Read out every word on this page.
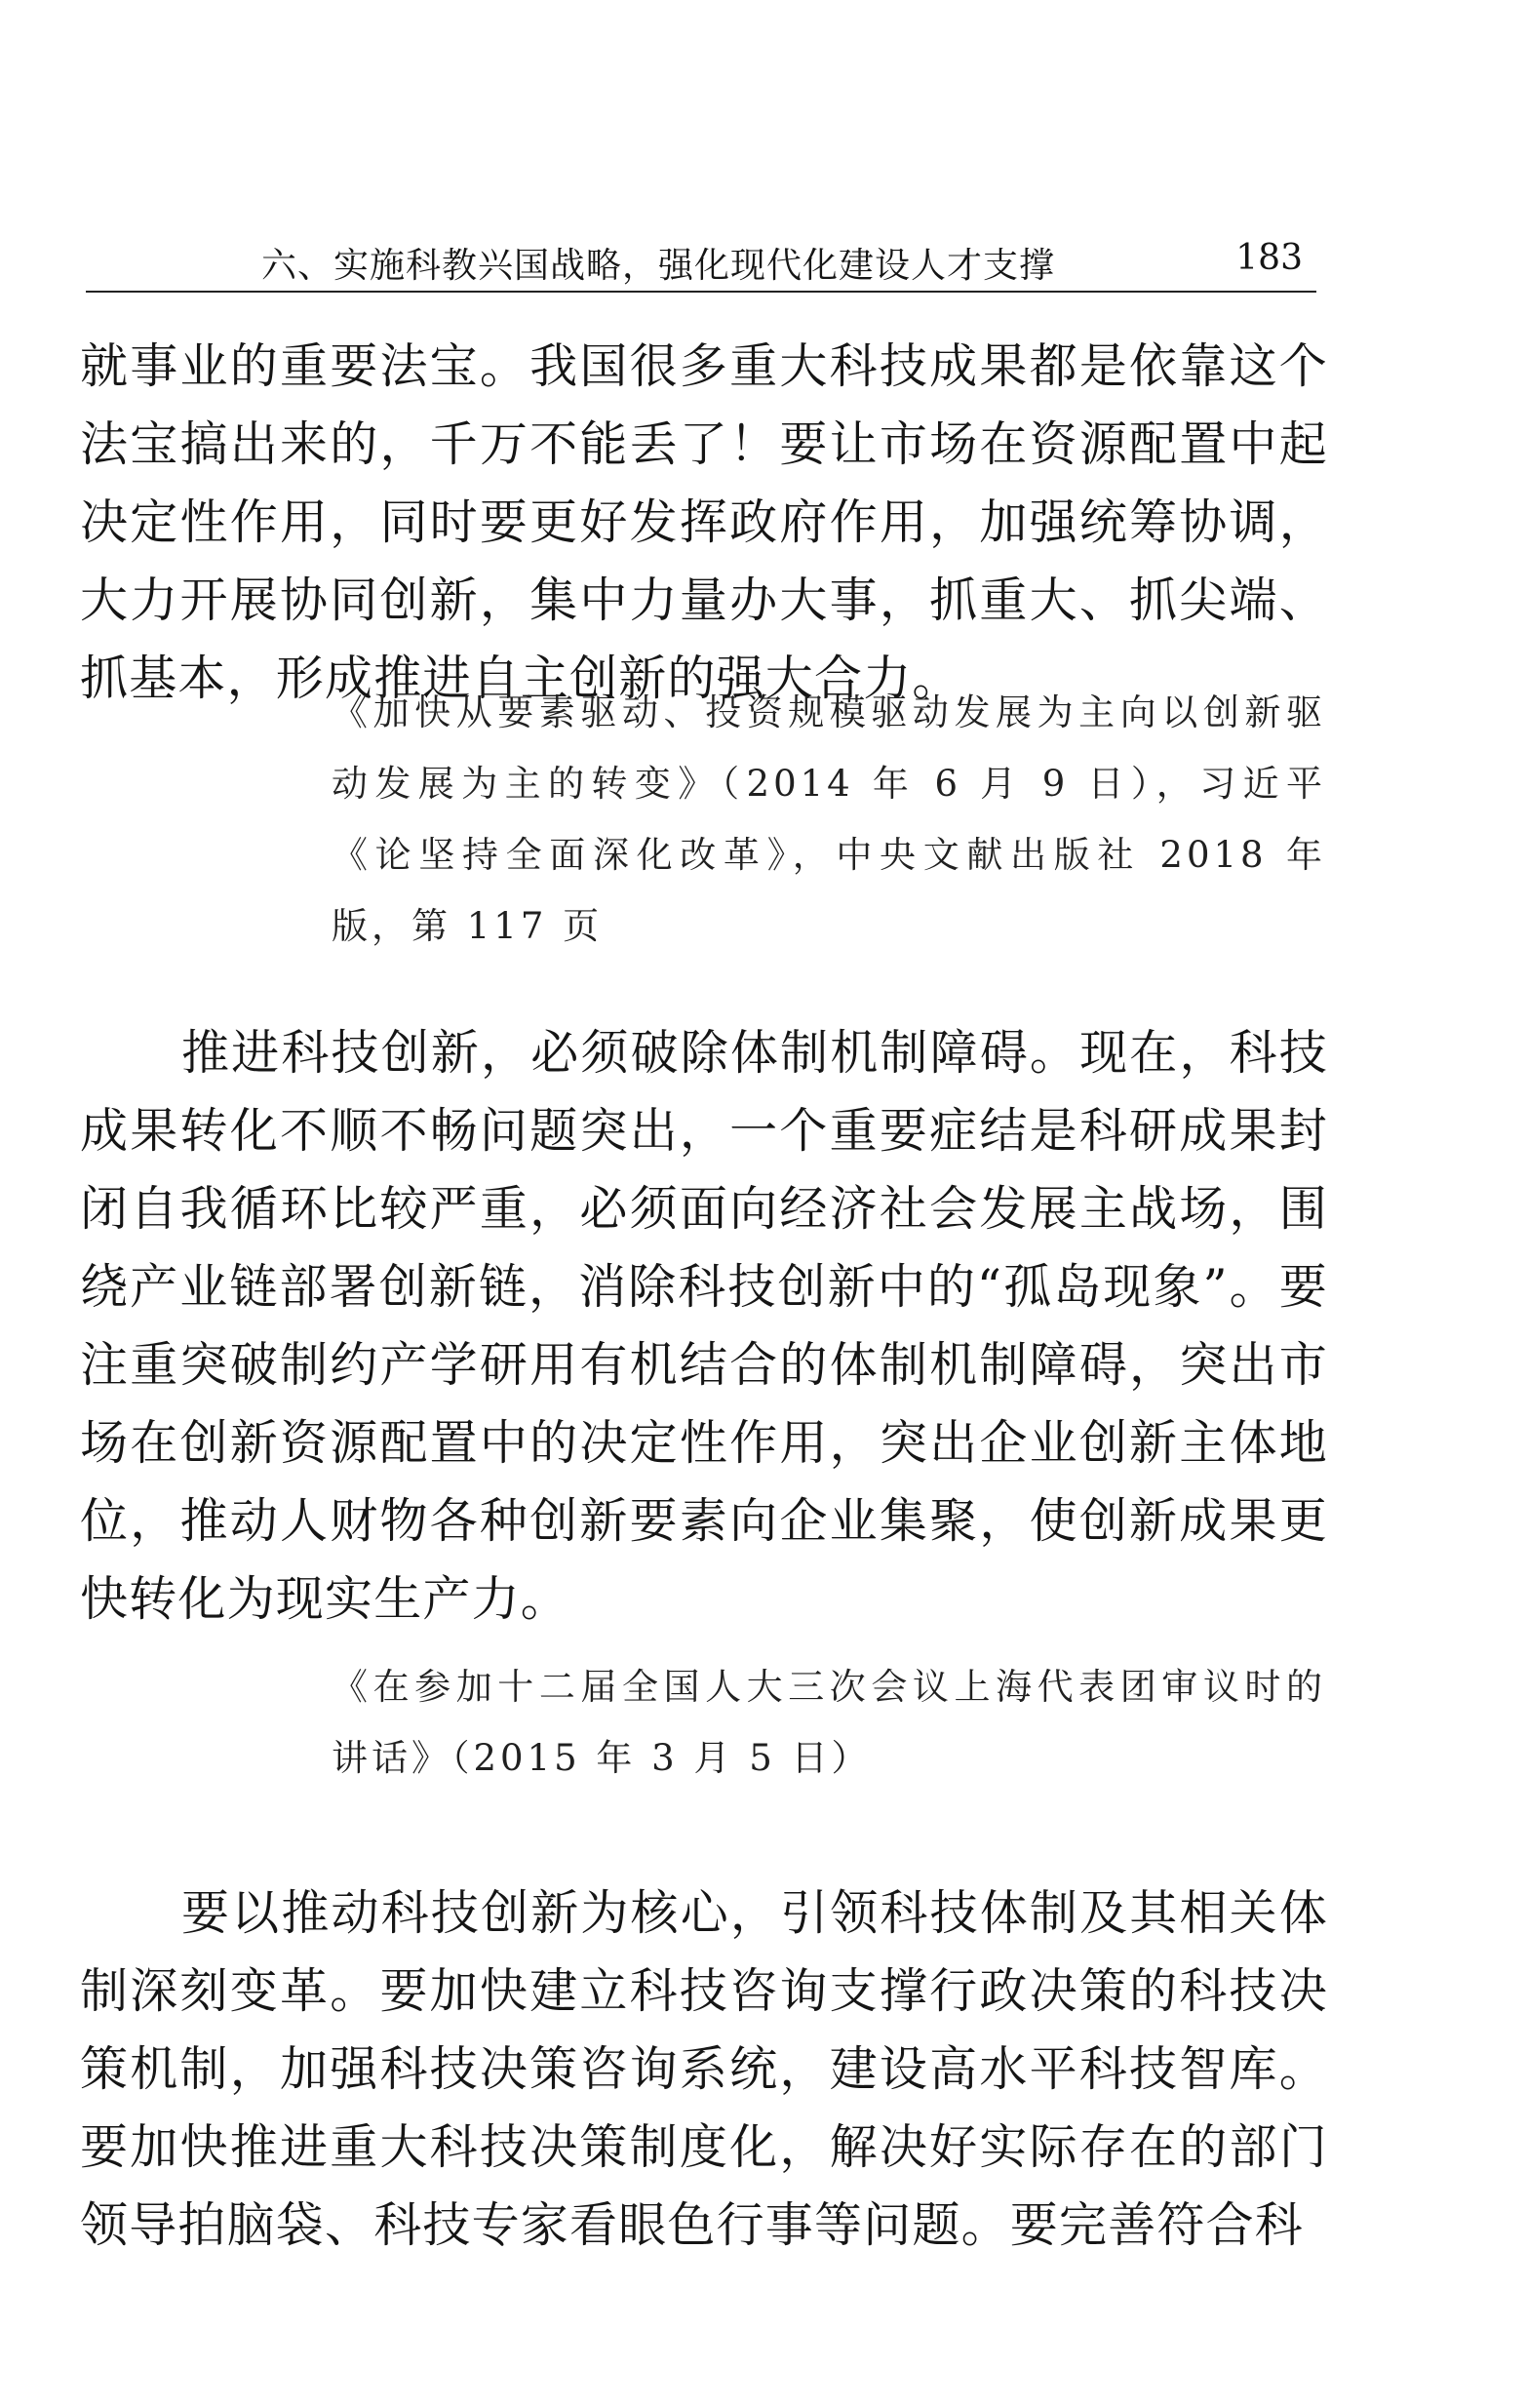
六、实施科教兴国战略，强化现代化建设人才支撑	183

就事业的重要法宝。我国很多重大科技成果都是依靠这个法宝搞出来的，千万不能丢了！要让市场在资源配置中起决定性作用，同时要更好发挥政府作用，加强统筹协调，大力开展协同创新，集中力量办大事，抓重大、抓尖端、抓基本，形成推进自主创新的强大合力。

《加快从要素驱动、投资规模驱动发展为主向以创新驱动发展为主的转变》（2014 年 6 月 9 日），习近平《论坚持全面深化改革》，中央文献出版社 2018 年版，第 117 页

推进科技创新，必须破除体制机制障碍。现在，科技成果转化不顺不畅问题突出，一个重要症结是科研成果封闭自我循环比较严重，必须面向经济社会发展主战场，围绕产业链部署创新链，消除科技创新中的“孤岛现象”。要注重突破制约产学研用有机结合的体制机制障碍，突出市场在创新资源配置中的决定性作用，突出企业创新主体地位，推动人财物各种创新要素向企业集聚，使创新成果更快转化为现实生产力。

《在参加十二届全国人大三次会议上海代表团审议时的讲话》（2015 年 3 月 5 日）

要以推动科技创新为核心，引领科技体制及其相关体制深刻变革。要加快建立科技咨询支撑行政决策的科技决策机制，加强科技决策咨询系统，建设高水平科技智库。要加快推进重大科技决策制度化，解决好实际存在的部门领导拍脑袋、科技专家看眼色行事等问题。要完善符合科
